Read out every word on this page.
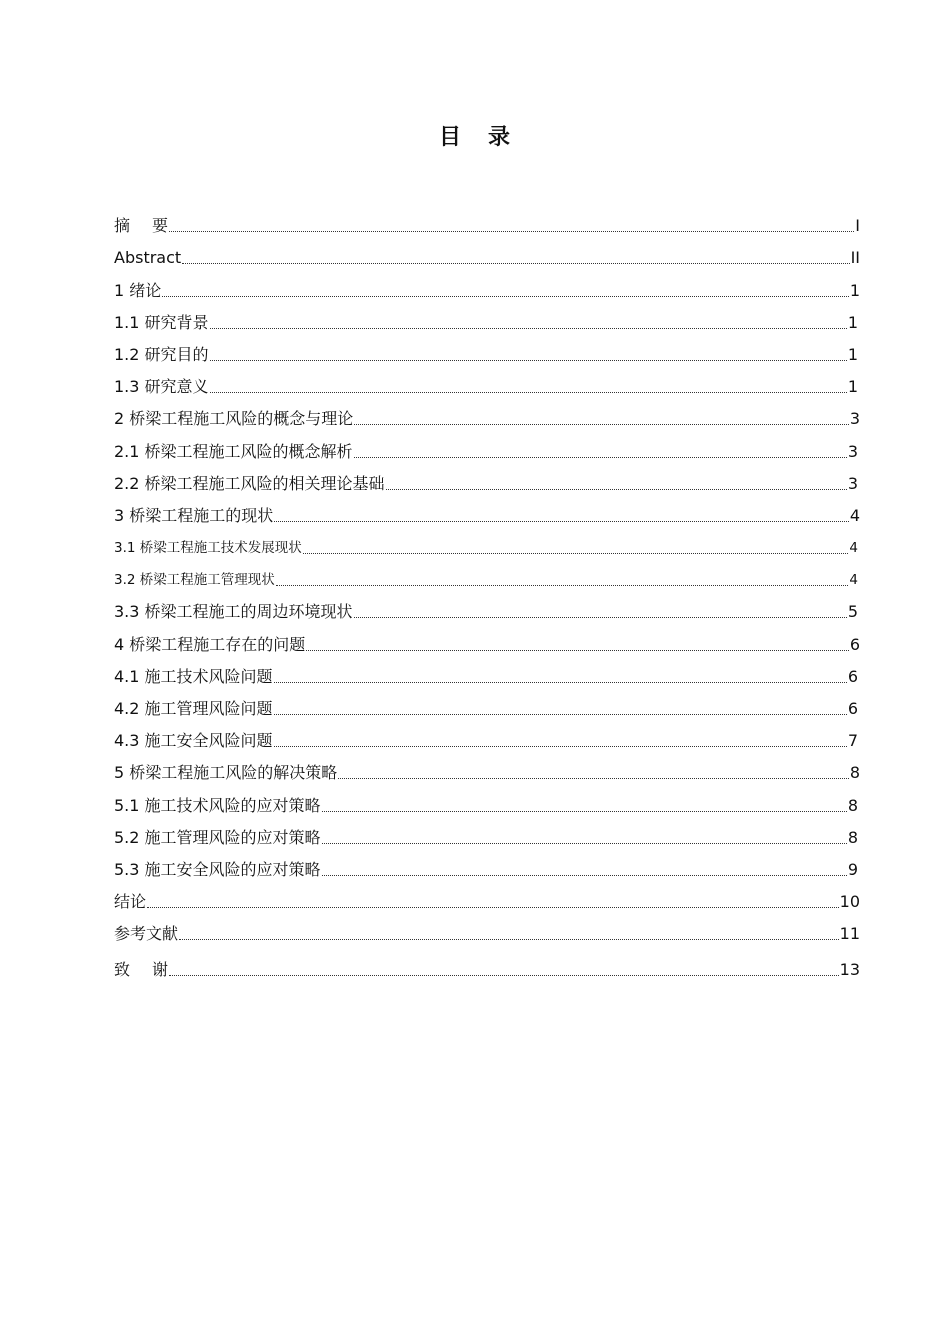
目 录
摘 要	I
Abstract	II
1 绪论	1
1.1 研究背景	1
1.2 研究目的	1
1.3 研究意义	1
2 桥梁工程施工风险的概念与理论	3
2.1 桥梁工程施工风险的概念解析	3
2.2 桥梁工程施工风险的相关理论基础	3
3 桥梁工程施工的现状	4
3.1 桥梁工程施工技术发展现状	4
3.2 桥梁工程施工管理现状	4
3.3 桥梁工程施工的周边环境现状	5
4 桥梁工程施工存在的问题	6
4.1 施工技术风险问题	6
4.2 施工管理风险问题	6
4.3 施工安全风险问题	7
5 桥梁工程施工风险的解决策略	8
5.1 施工技术风险的应对策略	8
5.2 施工管理风险的应对策略	8
5.3 施工安全风险的应对策略	9
结论	10
参考文献	11
致 谢	13
